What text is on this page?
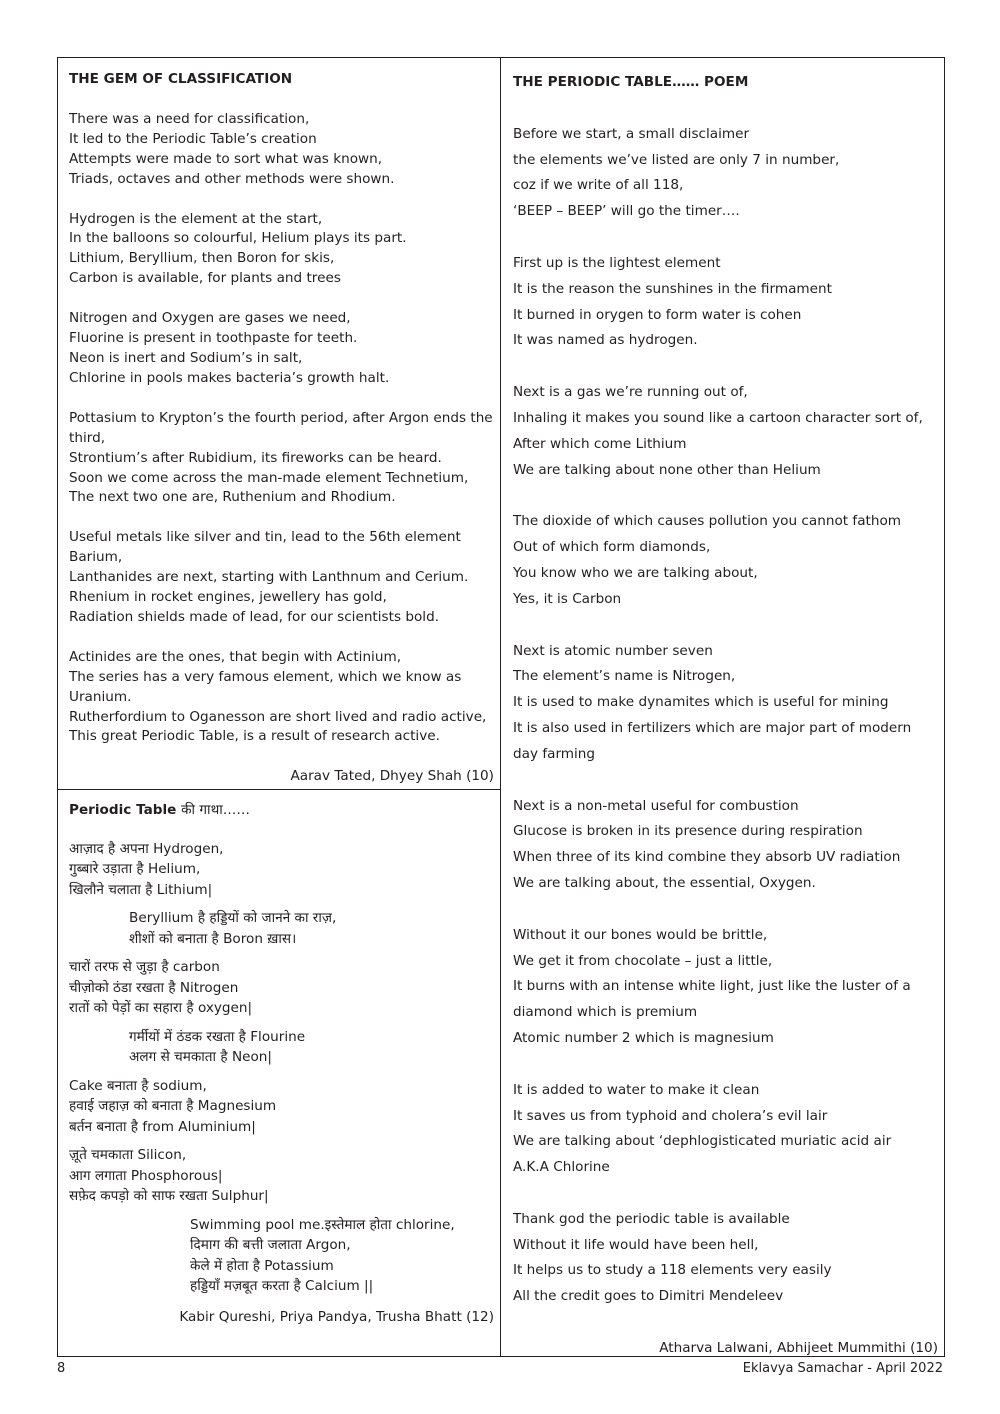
THE GEM OF CLASSIFICATION

There was a need for classification,
It led to the Periodic Table’s creation
Attempts were made to sort what was known,
Triads, octaves and other methods were shown.

Hydrogen is the element at the start,
In the balloons so colourful, Helium plays its part.
Lithium, Beryllium, then Boron for skis,
Carbon is available, for plants and trees

Nitrogen and Oxygen are gases we need,
Fluorine is present in toothpaste for teeth.
Neon is inert and Sodium’s in salt,
Chlorine in pools makes bacteria’s growth halt.

Pottasium to Krypton’s the fourth period, after Argon ends the third,
Strontium’s after Rubidium, its fireworks can be heard.
Soon we come across the man-made element Technetium,
The next two one are, Ruthenium and Rhodium.

Useful metals like silver and tin, lead to the 56th element Barium,
Lanthanides are next, starting with Lanthnum and Cerium.
Rhenium in rocket engines, jewellery has gold,
Radiation shields made of lead, for our scientists bold.

Actinides are the ones, that begin with Actinium,
The series has a very famous element, which we know as Uranium.
Rutherfordium to Oganesson are short lived and radio active,
This great Periodic Table, is a result of research active.

Aarav Tated, Dhyey Shah (10)

Periodic Table की गाथा……

आज़ाद है अपना Hydrogen,
गुब्बारे उड़ाता है Helium,
खिलौने चलाता है Lithium|

Beryllium है हड्डियों को जानने का राज़,
शीशों को बनाता है Boron ख़ास।

चारों तरफ से जुड़ा है carbon
चीज़ोको ठंडा रखता है Nitrogen
रातों को पेड़ों का सहारा है oxygen|

गर्मीयों में ठंडक रखता है Flourine
अलग से चमकाता है Neon|

Cake बनाता है sodium,
हवाई जहाज़ को बनाता है Magnesium
बर्तन बनाता है from Aluminium|

ज़ूते चमकाता Silicon,
आग लगाता Phosphorous|
सफ़ेद कपड़ो को साफ रखता Sulphur|

Swimming pool me.इस्तेमाल होता chlorine,
दिमाग की बत्ती जलाता Argon,
केले में होता है Potassium
हड्डियाँ मज़बूत करता है Calcium ||

Kabir Qureshi, Priya Pandya, Trusha Bhatt (12)

THE PERIODIC TABLE…… POEM

Before we start, a small disclaimer
the elements we’ve listed are only 7 in number,
coz if we write of all 118,
‘BEEP – BEEP’ will go the timer….

First up is the lightest element
It is the reason the sunshines in the firmament
It burned in orygen to form water is cohen
It was named as hydrogen.

Next is a gas we’re running out of,
Inhaling it makes you sound like a cartoon character sort of,
After which come Lithium
We are talking about none other than Helium

The dioxide of which causes pollution you cannot fathom
Out of which form diamonds,
You know who we are talking about,
Yes, it is Carbon

Next is atomic number seven
The element’s name is Nitrogen,
It is used to make dynamites which is useful for mining
It is also used in fertilizers which are major part of modern day farming

Next is a non-metal useful for combustion
Glucose is broken in its presence during respiration
When three of its kind combine they absorb UV radiation
We are talking about, the essential, Oxygen.

Without it our bones would be brittle,
We get it from chocolate – just a little,
It burns with an intense white light, just like the luster of a diamond which is premium
Atomic number 2 which is magnesium

It is added to water to make it clean
It saves us from typhoid and cholera’s evil lair
We are talking about ‘dephlogisticated muriatic acid air
A.K.A Chlorine

Thank god the periodic table is available
Without it life would have been hell,
It helps us to study a 118 elements very easily
All the credit goes to Dimitri Mendeleev

Atharva Lalwani, Abhijeet Mummithi (10)

8	Eklavya Samachar - April 2022
